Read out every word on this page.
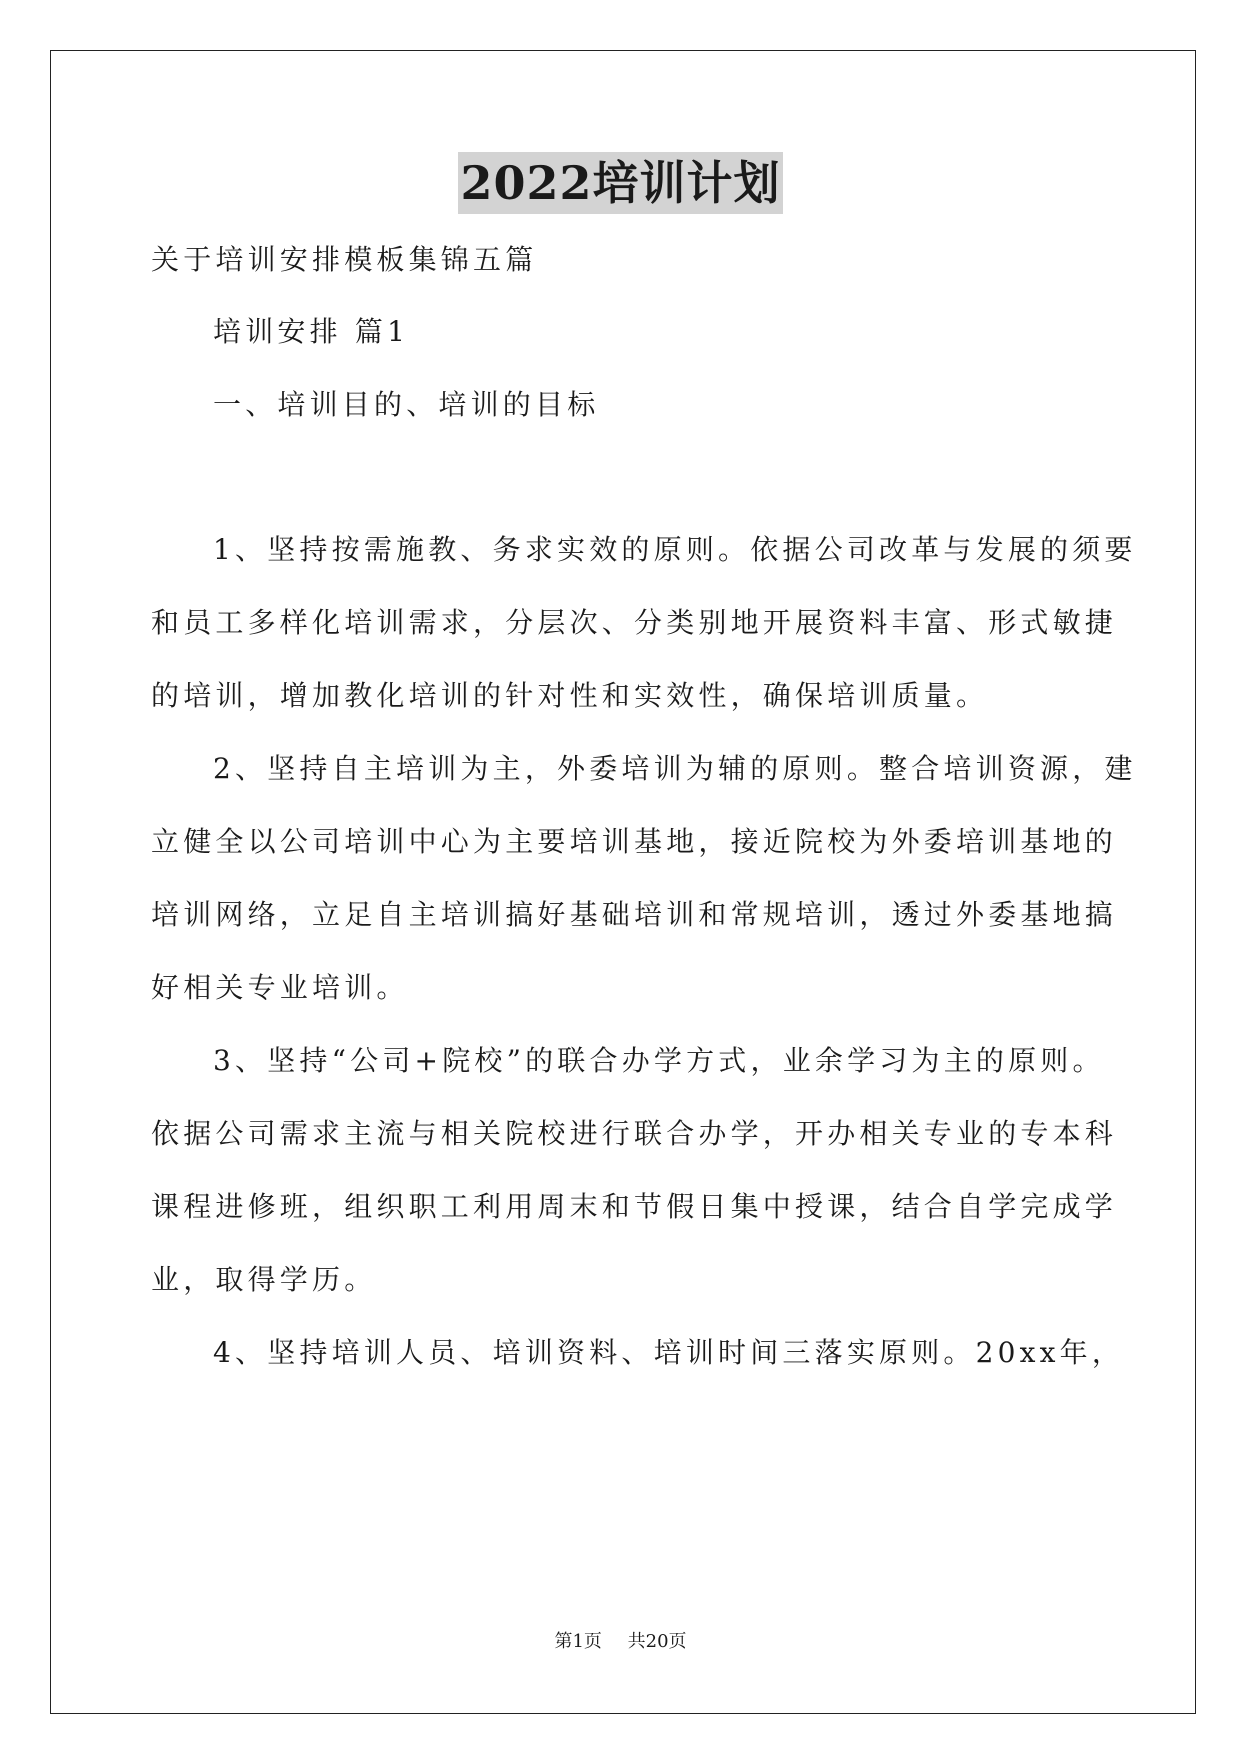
2022培训计划
关于培训安排模板集锦五篇
培训安排 篇1
一、培训目的、培训的目标
1、坚持按需施教、务求实效的原则。依据公司改革与发展的须要
和员工多样化培训需求，分层次、分类别地开展资料丰富、形式敏捷
的培训，增加教化培训的针对性和实效性，确保培训质量。
2、坚持自主培训为主，外委培训为辅的原则。整合培训资源，建
立健全以公司培训中心为主要培训基地，接近院校为外委培训基地的
培训网络，立足自主培训搞好基础培训和常规培训，透过外委基地搞
好相关专业培训。
3、坚持“公司+院校”的联合办学方式，业余学习为主的原则。
依据公司需求主流与相关院校进行联合办学，开办相关专业的专本科
课程进修班，组织职工利用周末和节假日集中授课，结合自学完成学
业，取得学历。
4、坚持培训人员、培训资料、培训时间三落实原则。20xx年，
第1页 共20页
